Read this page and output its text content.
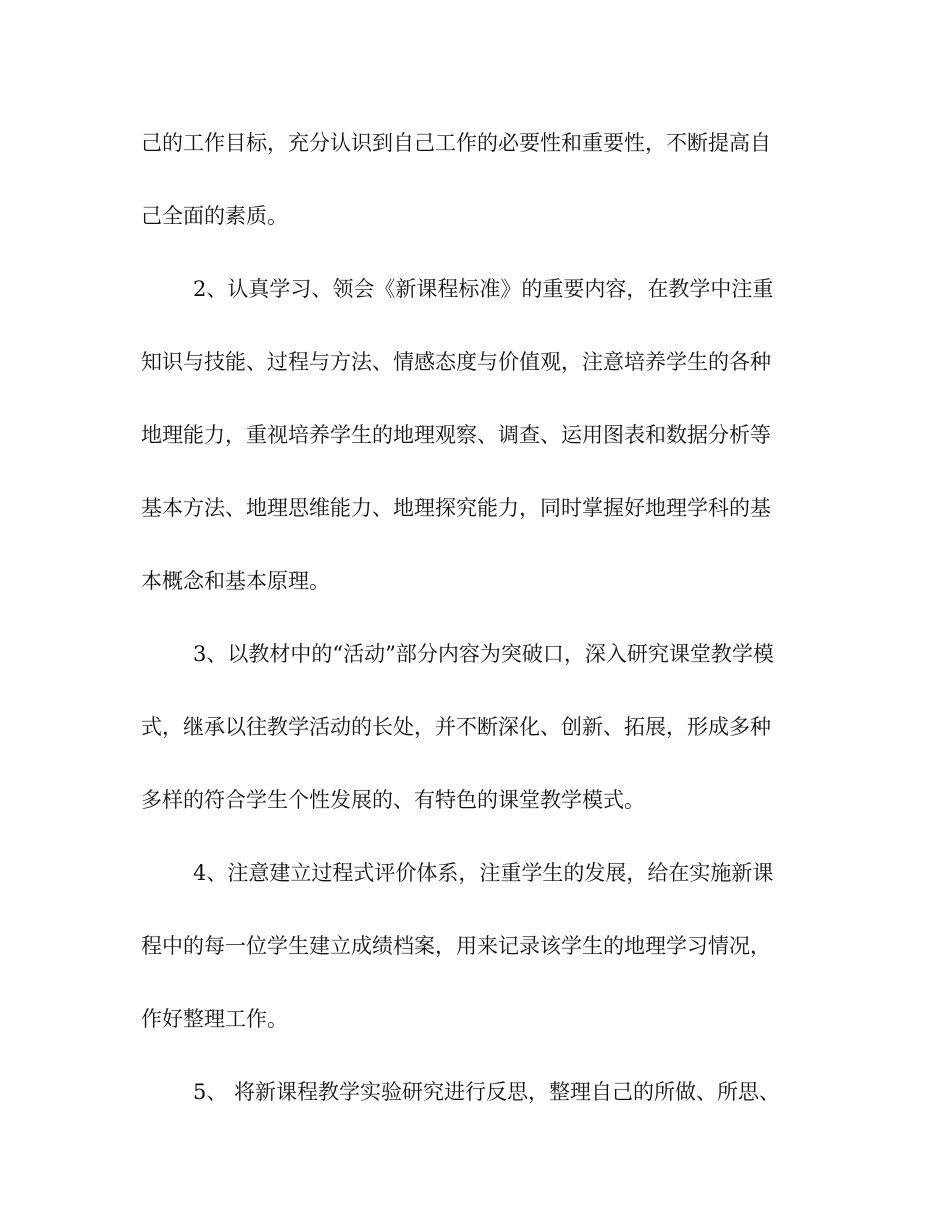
己的工作目标，充分认识到自己工作的必要性和重要性，不断提高自

己全面的素质。

2、认真学习、领会《新课程标准》的重要内容，在教学中注重

知识与技能、过程与方法、情感态度与价值观，注意培养学生的各种

地理能力，重视培养学生的地理观察、调查、运用图表和数据分析等

基本方法、地理思维能力、地理探究能力，同时掌握好地理学科的基

本概念和基本原理。

3、以教材中的“活动”部分内容为突破口，深入研究课堂教学模

式，继承以往教学活动的长处，并不断深化、创新、拓展，形成多种

多样的符合学生个性发展的、有特色的课堂教学模式。

4、注意建立过程式评价体系，注重学生的发展，给在实施新课

程中的每一位学生建立成绩档案，用来记录该学生的地理学习情况，

作好整理工作。

5、 将新课程教学实验研究进行反思，整理自己的所做、所思、
